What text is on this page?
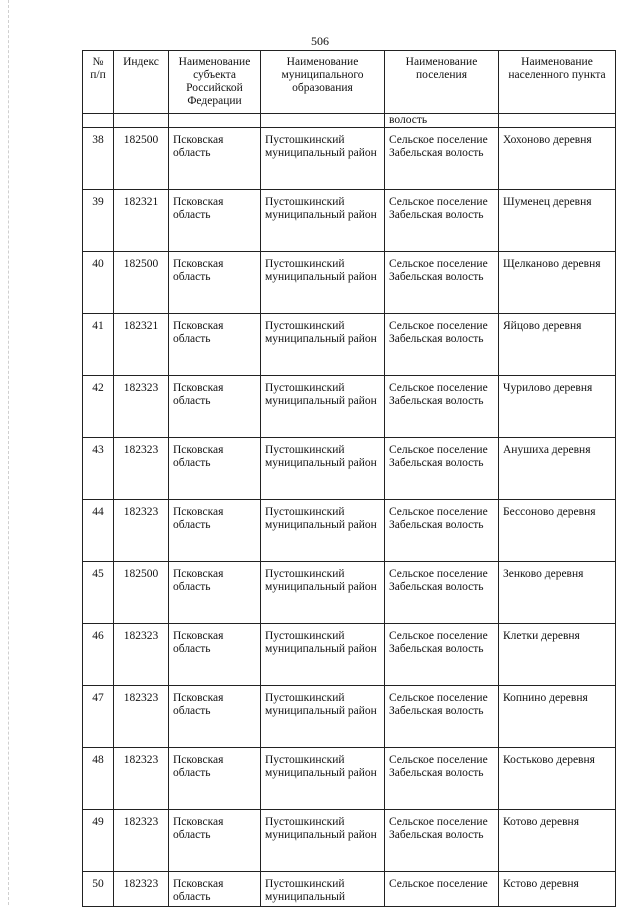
506
№ п/п	Индекс	Наименование субъекта Российской Федерации	Наименование муниципального образования	Наименование поселения	Наименование населенного пункта
				волость	
38	182500	Псковская область	Пустошкинский муниципальный район	Сельское поселение Забельская волость	Хохоново деревня
39	182321	Псковская область	Пустошкинский муниципальный район	Сельское поселение Забельская волость	Шуменец деревня
40	182500	Псковская область	Пустошкинский муниципальный район	Сельское поселение Забельская волость	Щелканово деревня
41	182321	Псковская область	Пустошкинский муниципальный район	Сельское поселение Забельская волость	Яйцово деревня
42	182323	Псковская область	Пустошкинский муниципальный район	Сельское поселение Забельская волость	Чурилово деревня
43	182323	Псковская область	Пустошкинский муниципальный район	Сельское поселение Забельская волость	Анушиха деревня
44	182323	Псковская область	Пустошкинский муниципальный район	Сельское поселение Забельская волость	Бессоново деревня
45	182500	Псковская область	Пустошкинский муниципальный район	Сельское поселение Забельская волость	Зенково деревня
46	182323	Псковская область	Пустошкинский муниципальный район	Сельское поселение Забельская волость	Клетки деревня
47	182323	Псковская область	Пустошкинский муниципальный район	Сельское поселение Забельская волость	Копнино деревня
48	182323	Псковская область	Пустошкинский муниципальный район	Сельское поселение Забельская волость	Костьково деревня
49	182323	Псковская область	Пустошкинский муниципальный район	Сельское поселение Забельская волость	Котово деревня
50	182323	Псковская область	Пустошкинский муниципальный	Сельское поселение	Кстово деревня
